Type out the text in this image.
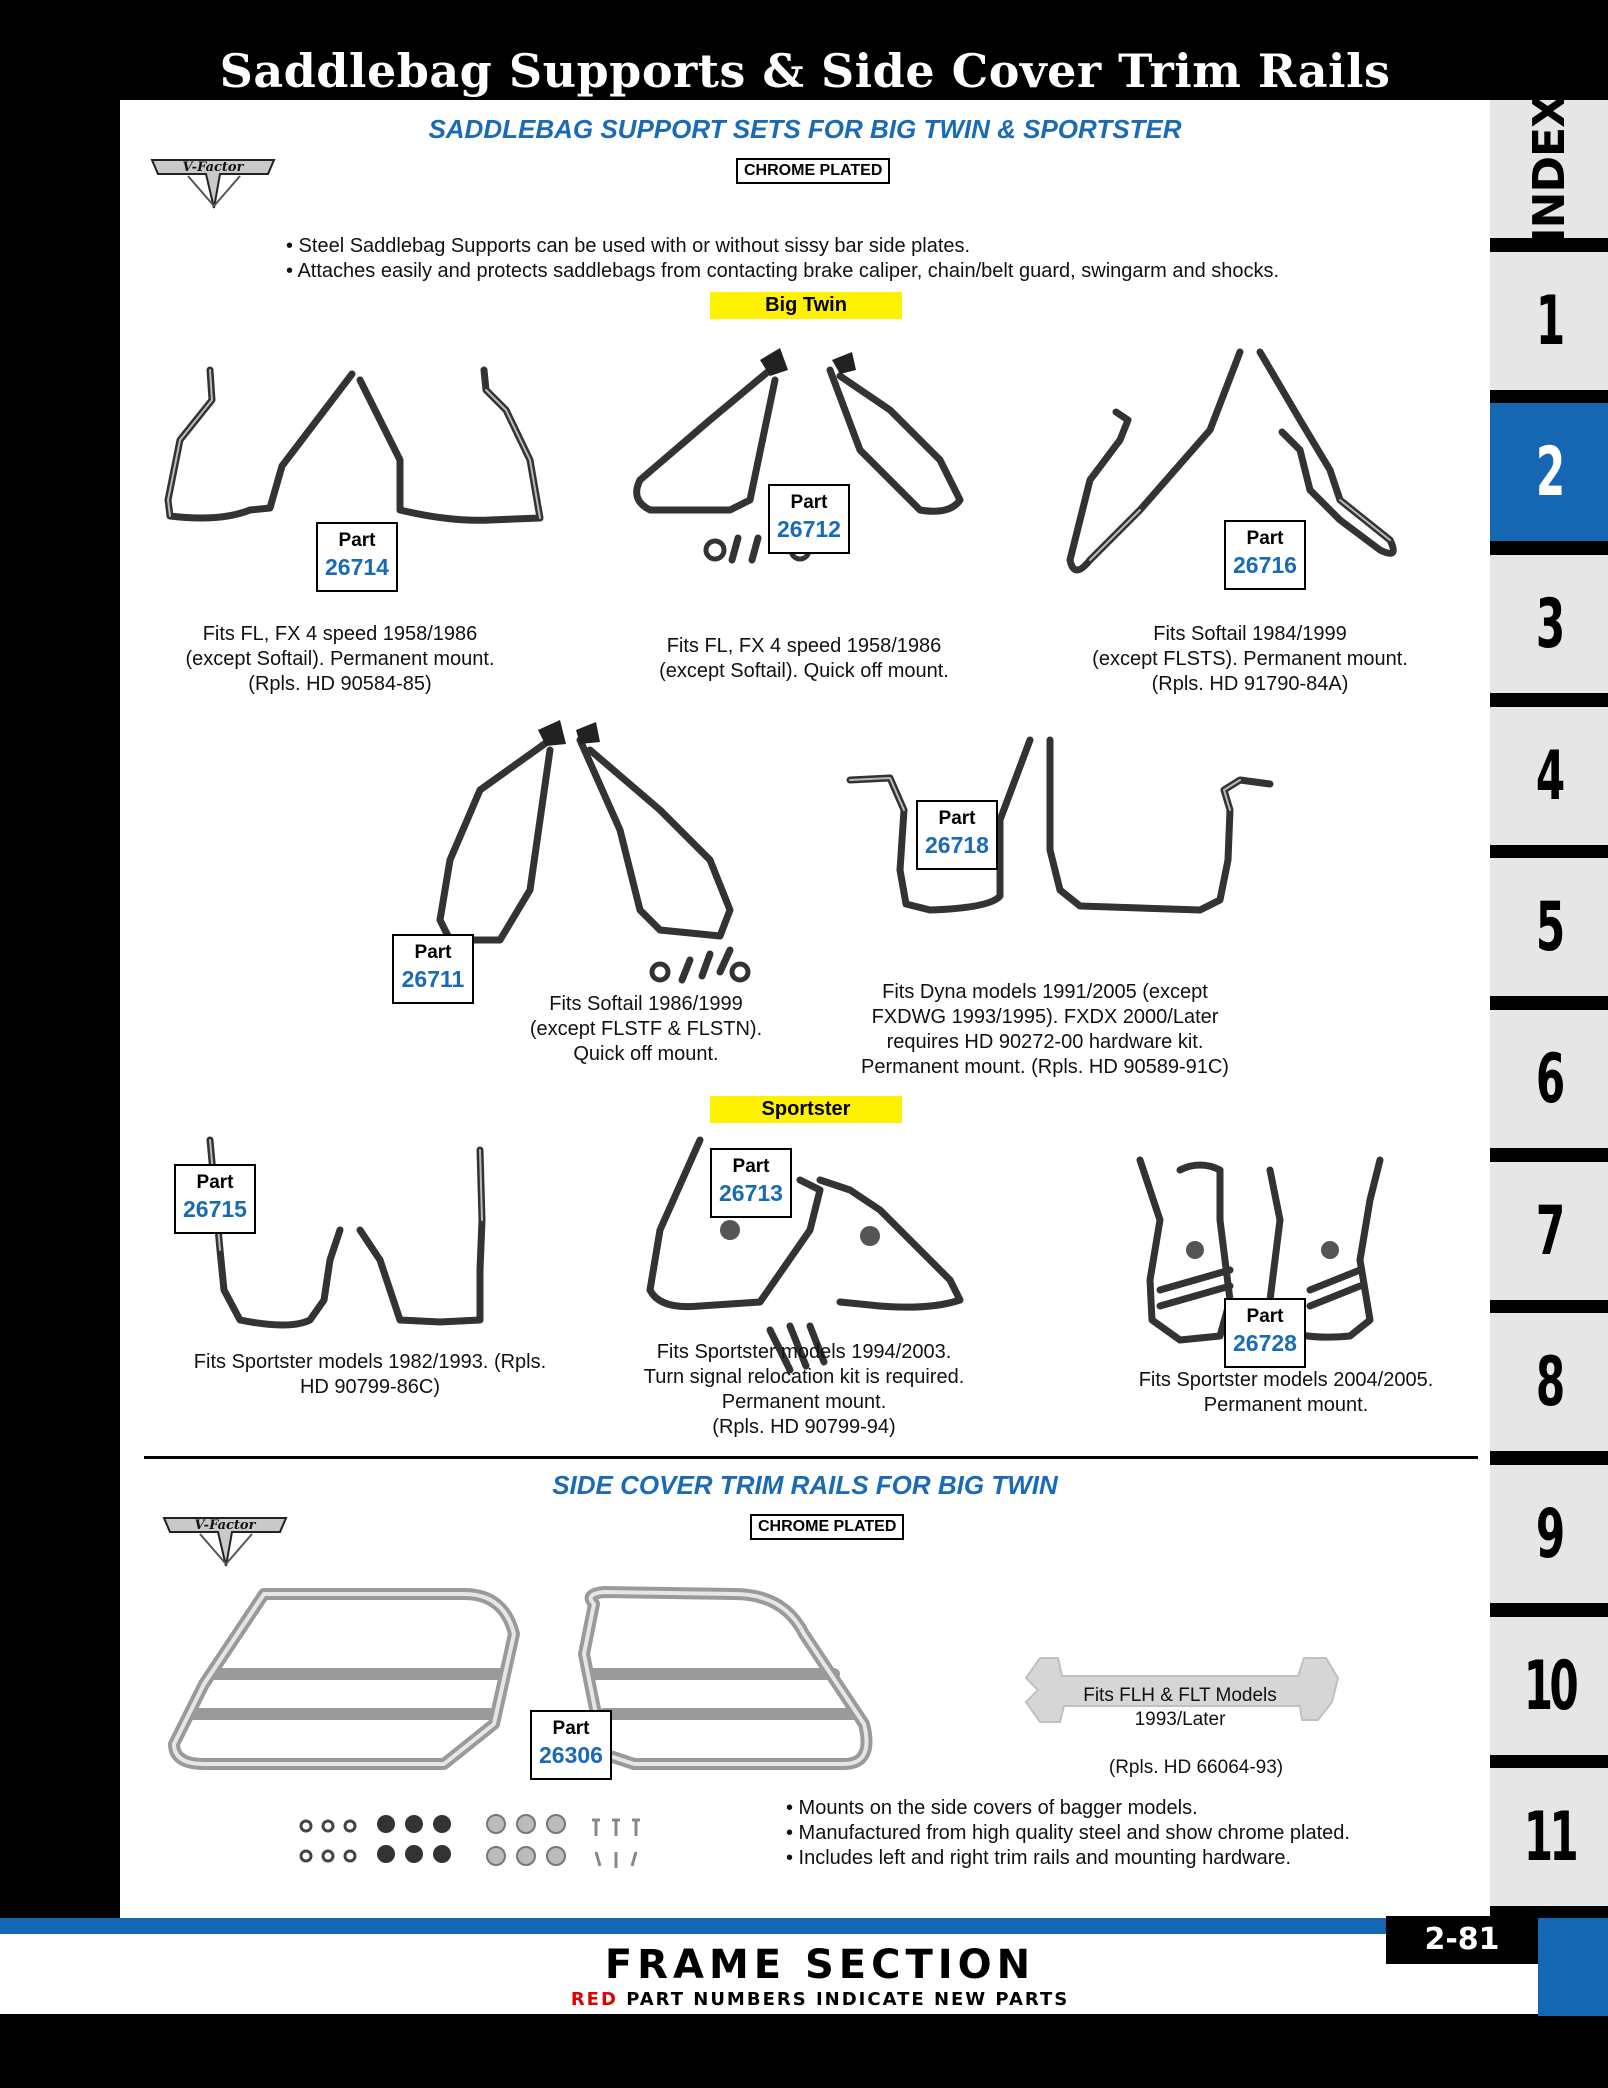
Saddlebag Supports & Side Cover Trim Rails
INDEX
1
2
3
4
5
6
7
8
9
10
11
SADDLEBAG SUPPORT SETS FOR BIG TWIN & SPORTSTER
V-Factor	CHROME PLATED
• Steel Saddlebag Supports can be used with or without sissy bar side plates.
• Attaches easily and protects saddlebags from contacting brake caliper, chain/belt guard, swingarm and shocks.
Big Twin
Part
26714
Fits FL, FX 4 speed 1958/1986
(except Softail). Permanent mount.
(Rpls. HD 90584-85)
Part
26712
Fits FL, FX 4 speed 1958/1986
(except Softail). Quick off mount.
Part
26716
Fits Softail 1984/1999
(except FLSTS). Permanent mount.
(Rpls. HD 91790-84A)
Part
26711
Fits Softail 1986/1999
(except FLSTF & FLSTN).
Quick off mount.
Part
26718
Fits Dyna models 1991/2005 (except
FXDWG 1993/1995). FXDX 2000/Later
requires HD 90272-00 hardware kit.
Permanent mount. (Rpls. HD 90589-91C)
Sportster
Part
26715
Fits Sportster models 1982/1993. (Rpls.
HD 90799-86C)
Part
26713
Fits Sportster models 1994/2003.
Turn signal relocation kit is required.
Permanent mount.
(Rpls. HD 90799-94)
Part
26728
Fits Sportster models 2004/2005.
Permanent mount.
SIDE COVER TRIM RAILS FOR BIG TWIN
V-Factor	CHROME PLATED
Part
26306
Fits FLH & FLT Models
1993/Later
(Rpls. HD 66064-93)
• Mounts on the side covers of bagger models.
• Manufactured from high quality steel and show chrome plated.
• Includes left and right trim rails and mounting hardware.
FRAME SECTION
RED PART NUMBERS INDICATE NEW PARTS
2-81
